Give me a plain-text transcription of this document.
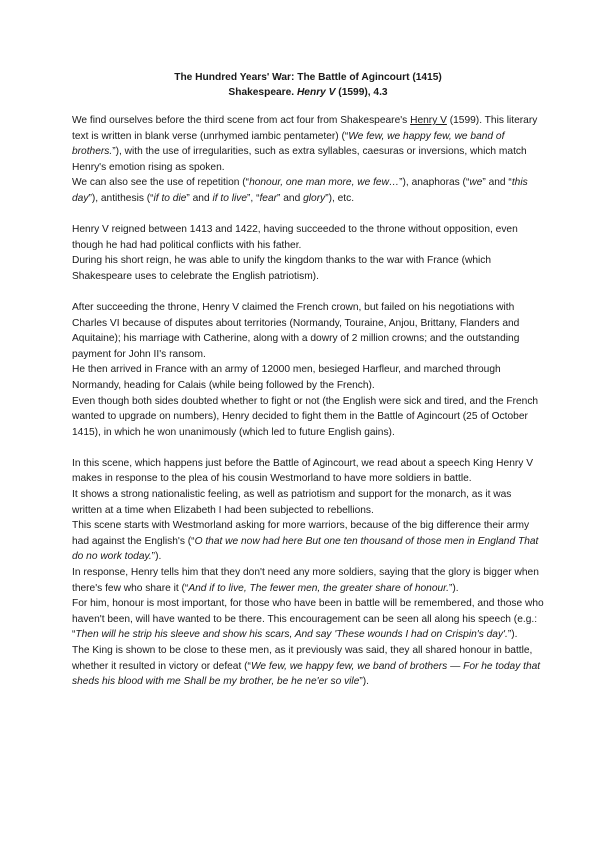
The Hundred Years' War: The Battle of Agincourt (1415)
Shakespeare. Henry V (1599), 4.3

We find ourselves before the third scene from act four from Shakespeare's Henry V (1599). This literary text is written in blank verse (unrhymed iambic pentameter) (“We few, we happy few, we band of brothers.”), with the use of irregularities, such as extra syllables, caesuras or inversions, which match Henry's emotion rising as spoken.

We can also see the use of repetition (“honour, one man more, we few…”), anaphoras (“we” and “this day”), antithesis (“if to die” and if to live”, “fear” and glory”), etc.

Henry V reigned between 1413 and 1422, having succeeded to the throne without opposition, even though he had had political conflicts with his father.

During his short reign, he was able to unify the kingdom thanks to the war with France (which Shakespeare uses to celebrate the English patriotism).

After succeeding the throne, Henry V claimed the French crown, but failed on his negotiations with Charles VI because of disputes about territories (Normandy, Touraine, Anjou, Brittany, Flanders and Aquitaine); his marriage with Catherine, along with a dowry of 2 million crowns; and the outstanding payment for John II's ransom.

He then arrived in France with an army of 12000 men, besieged Harfleur, and marched through Normandy, heading for Calais (while being followed by the French).

Even though both sides doubted whether to fight or not (the English were sick and tired, and the French wanted to upgrade on numbers), Henry decided to fight them in the Battle of Agincourt (25 of October 1415), in which he won unanimously (which led to future English gains).

In this scene, which happens just before the Battle of Agincourt, we read about a speech King Henry V makes in response to the plea of his cousin Westmorland to have more soldiers in battle.

It shows a strong nationalistic feeling, as well as patriotism and support for the monarch, as it was written at a time when Elizabeth I had been subjected to rebellions.

This scene starts with Westmorland asking for more warriors, because of the big difference their army had against the English's (“O that we now had here But one ten thousand of those men in England That do no work today.”).

In response, Henry tells him that they don't need any more soldiers, saying that the glory is bigger when there's few who share it (“And if to live, The fewer men, the greater share of honour.”).

For him, honour is most important, for those who have been in battle will be remembered, and those who haven't been, will have wanted to be there. This encouragement can be seen all along his speech (e.g.: “Then will he strip his sleeve and show his scars, And say 'These wounds I had on Crispin's day'.”).

The King is shown to be close to these men, as it previously was said, they all shared honour in battle, whether it resulted in victory or defeat (“We few, we happy few, we band of brothers — For he today that sheds his blood with me Shall be my brother, be he ne'er so vile”).
